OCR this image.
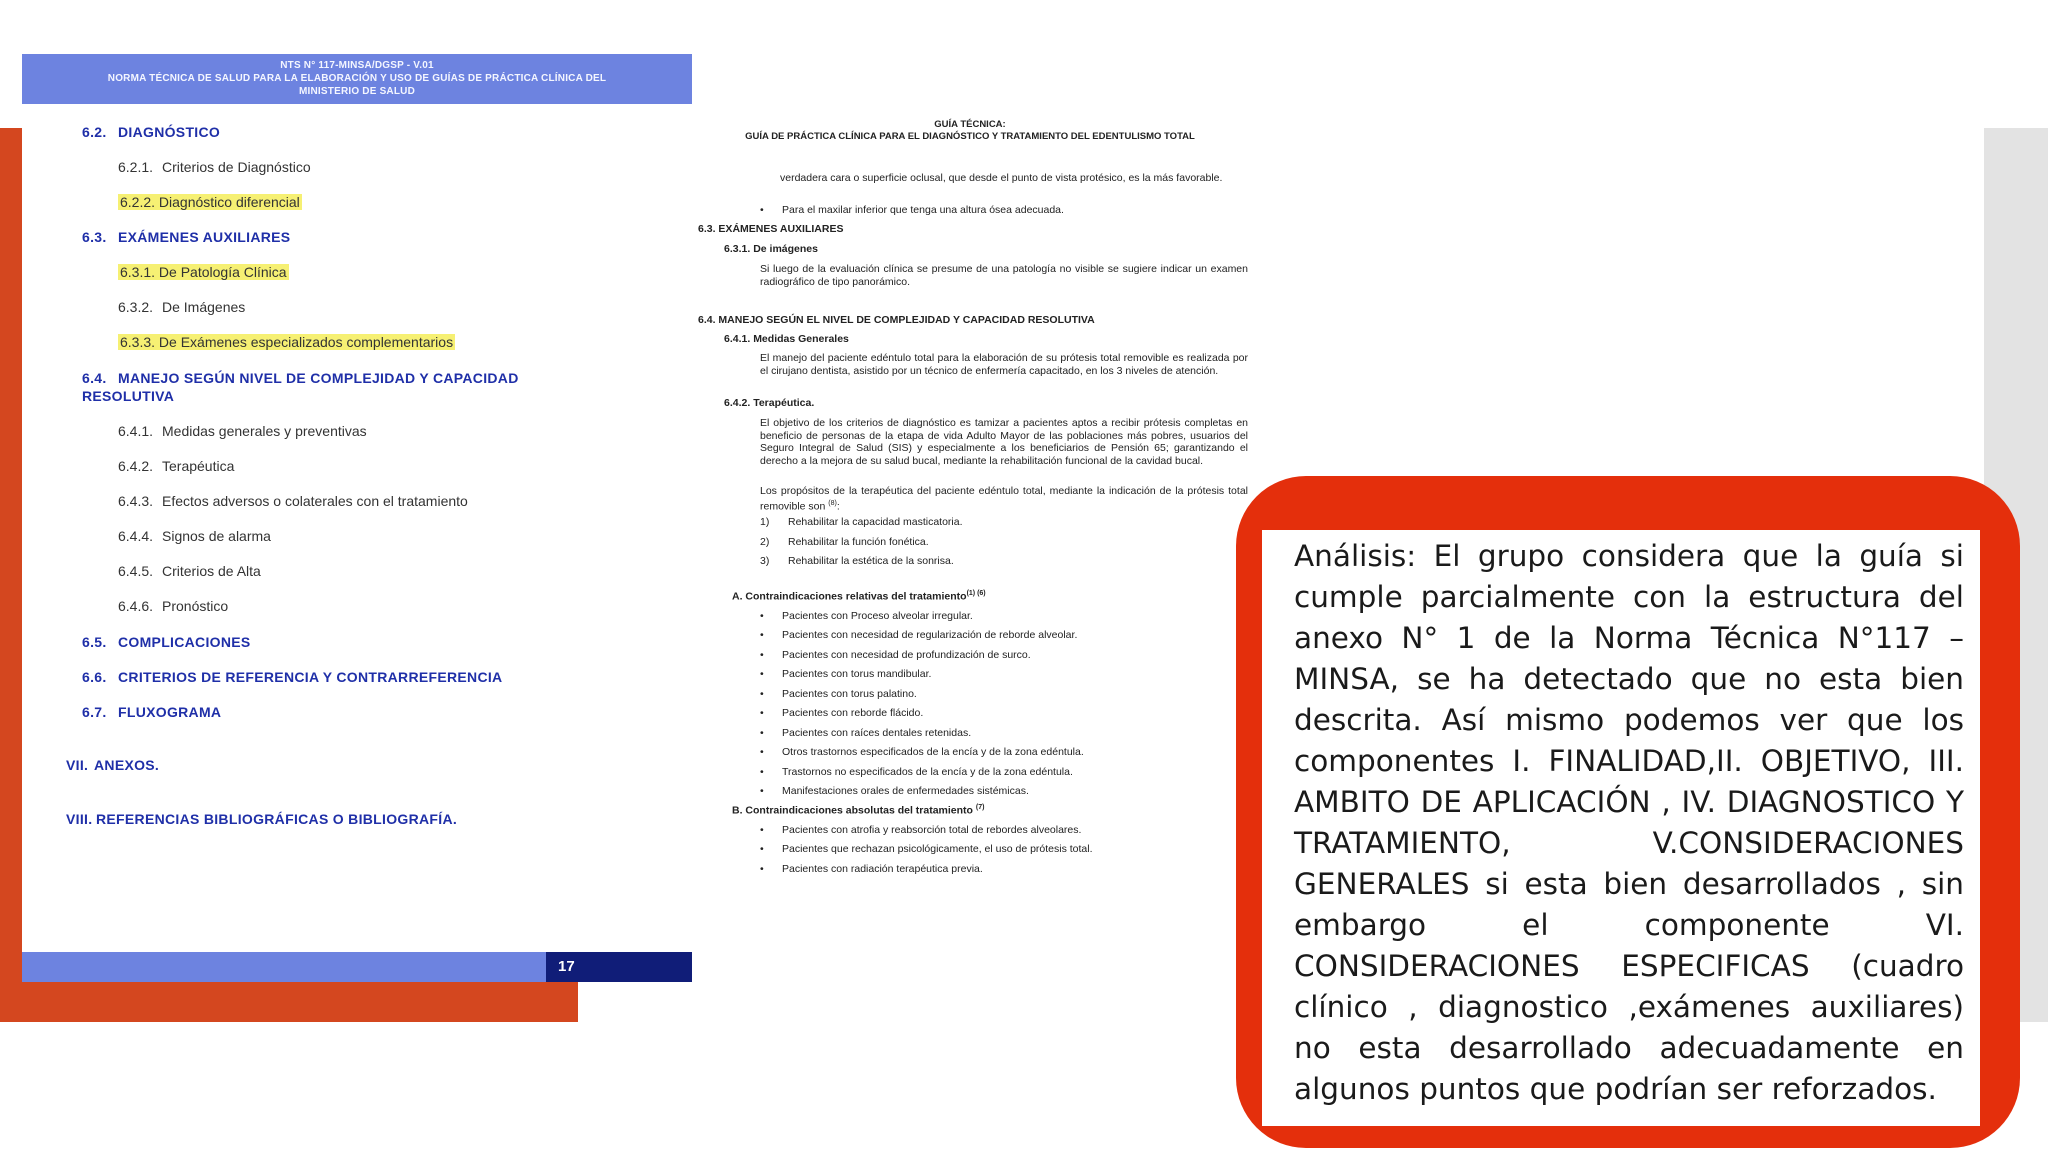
NTS N° 117-MINSA/DGSP - V.01
NORMA TÉCNICA DE SALUD PARA LA ELABORACIÓN Y USO DE GUÍAS DE PRÁCTICA CLÍNICA DEL
MINISTERIO DE SALUD
6.2. DIAGNÓSTICO
6.2.1. Criterios de Diagnóstico
6.2.2. Diagnóstico diferencial
6.3. EXÁMENES AUXILIARES
6.3.1. De Patología Clínica
6.3.2. De Imágenes
6.3.3. De Exámenes especializados complementarios
6.4. MANEJO SEGÚN NIVEL DE COMPLEJIDAD Y CAPACIDAD RESOLUTIVA
6.4.1. Medidas generales y preventivas
6.4.2. Terapéutica
6.4.3. Efectos adversos o colaterales con el tratamiento
6.4.4. Signos de alarma
6.4.5. Criterios de Alta
6.4.6. Pronóstico
6.5. COMPLICACIONES
6.6. CRITERIOS DE REFERENCIA Y CONTRARREFERENCIA
6.7. FLUXOGRAMA
VII. ANEXOS.
VIII. REFERENCIAS BIBLIOGRÁFICAS O BIBLIOGRAFÍA.
17
GUÍA TÉCNICA:
GUÍA DE PRÁCTICA CLÍNICA PARA EL DIAGNÓSTICO Y TRATAMIENTO DEL EDENTULISMO TOTAL
verdadera cara o superficie oclusal, que desde el punto de vista protésico, es la más favorable.
• Para el maxilar inferior que tenga una altura ósea adecuada.
6.3. EXÁMENES AUXILIARES
6.3.1. De imágenes
Si luego de la evaluación clínica se presume de una patología no visible se sugiere indicar un examen radiográfico de tipo panorámico.
6.4. MANEJO SEGÚN EL NIVEL DE COMPLEJIDAD Y CAPACIDAD RESOLUTIVA
6.4.1. Medidas Generales
El manejo del paciente edéntulo total para la elaboración de su prótesis total removible es realizada por el cirujano dentista, asistido por un técnico de enfermería capacitado, en los 3 niveles de atención.
6.4.2. Terapéutica.
El objetivo de los criterios de diagnóstico es tamizar a pacientes aptos a recibir prótesis completas en beneficio de personas de la etapa de vida Adulto Mayor de las poblaciones más pobres, usuarios del Seguro Integral de Salud (SIS) y especialmente a los beneficiarios de Pensión 65; garantizando el derecho a la mejora de su salud bucal, mediante la rehabilitación funcional de la cavidad bucal.
Los propósitos de la terapéutica del paciente edéntulo total, mediante la indicación de la prótesis total removible son $^{(8)}$:
1) Rehabilitar la capacidad masticatoria.
2) Rehabilitar la función fonética.
3) Rehabilitar la estética de la sonrisa.
A. Contraindicaciones relativas del tratamiento$^{(1) (6)}$
• Pacientes con Proceso alveolar irregular.
• Pacientes con necesidad de regularización de reborde alveolar.
• Pacientes con necesidad de profundización de surco.
• Pacientes con torus mandibular.
• Pacientes con torus palatino.
• Pacientes con reborde flácido.
• Pacientes con raíces dentales retenidas.
• Otros trastornos especificados de la encía y de la zona edéntula.
• Trastornos no especificados de la encía y de la zona edéntula.
• Manifestaciones orales de enfermedades sistémicas.
B. Contraindicaciones absolutas del tratamiento $^{(7)}$
• Pacientes con atrofia y reabsorción total de rebordes alveolares.
• Pacientes que rechazan psicológicamente, el uso de prótesis total.
• Pacientes con radiación terapéutica previa.
Análisis: El grupo considera que la guía si cumple parcialmente con la estructura del anexo N° 1 de la Norma Técnica N°117 – MINSA, se ha detectado que no esta bien descrita. Así mismo podemos ver que los componentes I. FINALIDAD,II. OBJETIVO, III. AMBITO DE APLICACIÓN , IV. DIAGNOSTICO Y TRATAMIENTO, V.CONSIDERACIONES GENERALES si esta bien desarrollados , sin embargo el componente VI. CONSIDERACIONES ESPECIFICAS (cuadro clínico , diagnostico ,exámenes auxiliares) no esta desarrollado adecuadamente en algunos puntos que podrían ser reforzados.
